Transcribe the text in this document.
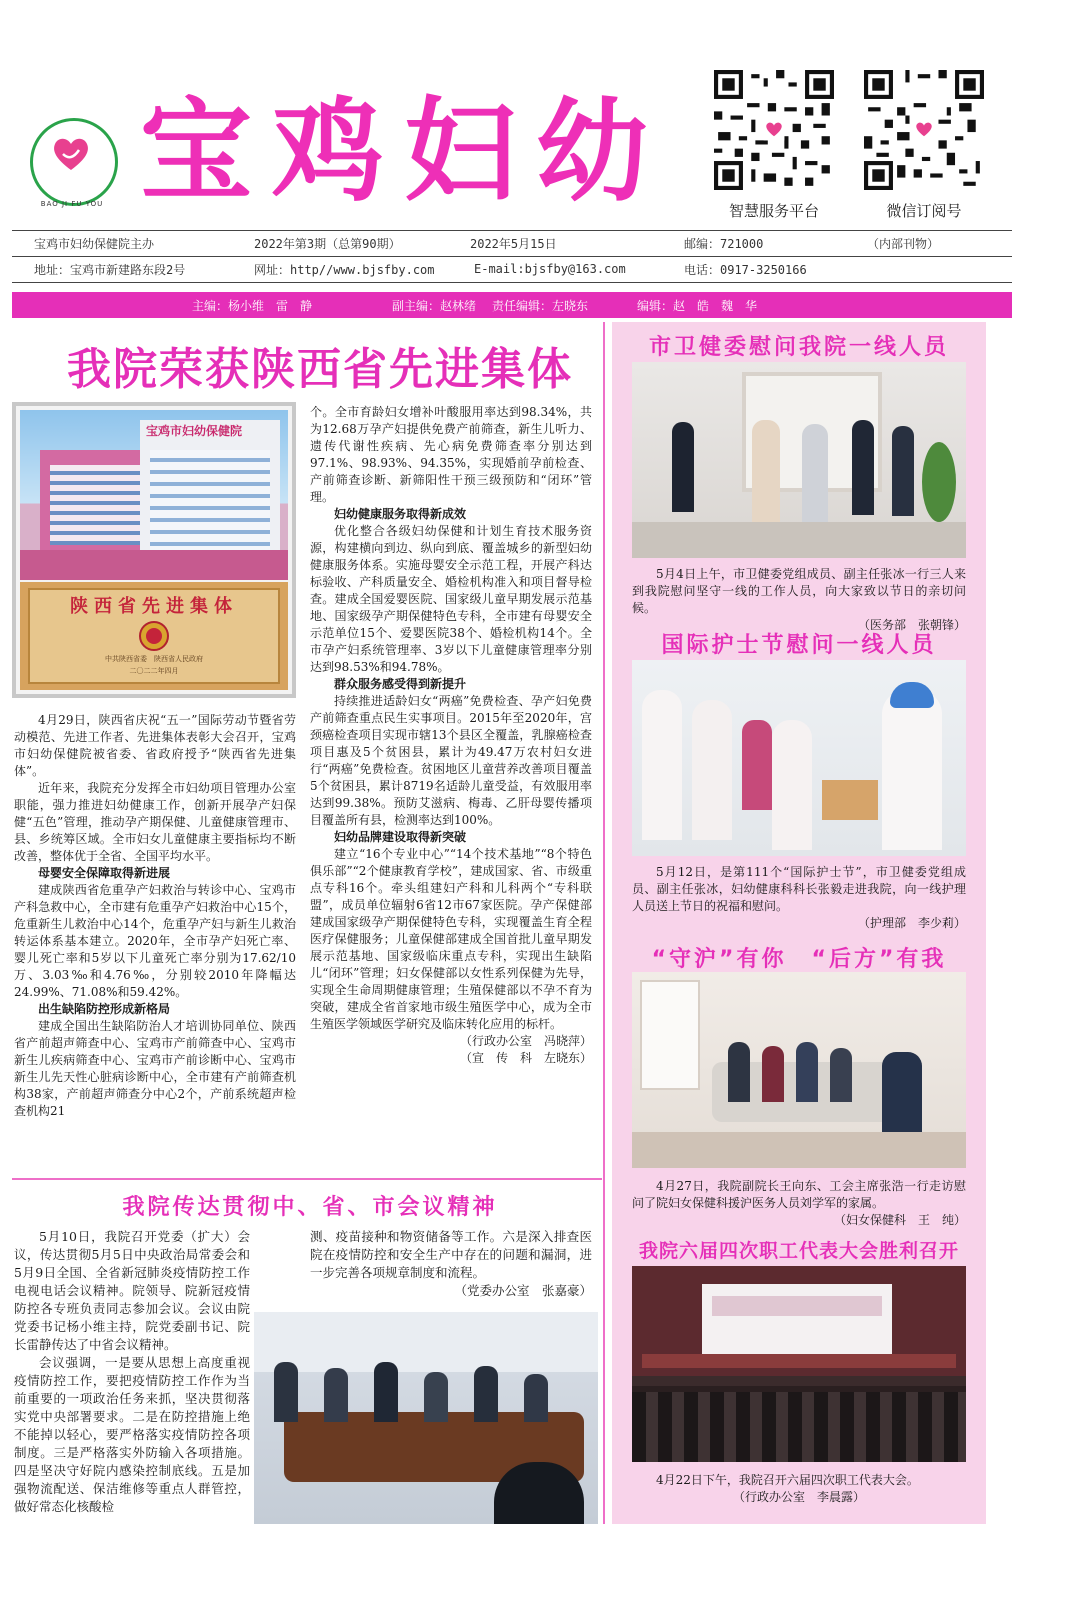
BAO JI FU YOU 宝鸡妇幼	智慧服务平台	微信订阅号
宝鸡市妇幼保健院主办	2022年第3期（总第90期）	2022年5月15日	邮编：721000	（内部刊物）
地址：宝鸡市新建路东段2号	网址：http//www.bjsfby.com	E-mail:bjsfby@163.com	电话：0917-3250166
主编：杨小维　雷　静	副主编：赵林绪 责任编辑：左晓东	编辑：赵　皓　魏　华
我院荣获陕西省先进集体
宝鸡市妇幼保健院
陕西省先进集体
中共陕西省委　陕西省人民政府
二〇二二年四月

4月29日，陕西省庆祝“五一”国际劳动节暨省劳动模范、先进工作者、先进集体表彰大会召开，宝鸡市妇幼保健院被省委、省政府授予“陕西省先进集体”。

近年来，我院充分发挥全市妇幼项目管理办公室职能，强力推进妇幼健康工作，创新开展孕产妇保健“五色”管理，推动孕产期保健、儿童健康管理市、县、乡统筹区域。全市妇女儿童健康主要指标均不断改善，整体优于全省、全国平均水平。

母婴安全保障取得新进展

建成陕西省危重孕产妇救治与转诊中心、宝鸡市产科急救中心，全市建有危重孕产妇救治中心15个，危重新生儿救治中心14个，危重孕产妇与新生儿救治转运体系基本建立。2020年，全市孕产妇死亡率、婴儿死亡率和5岁以下儿童死亡率分别为17.62/10万、3.03‰和4.76‰，分别较2010年降幅达24.99%、71.08%和59.42%。

出生缺陷防控形成新格局

建成全国出生缺陷防治人才培训协同单位、陕西省产前超声筛查中心、宝鸡市产前筛查中心、宝鸡市新生儿疾病筛查中心、宝鸡市产前诊断中心、宝鸡市新生儿先天性心脏病诊断中心，全市建有产前筛查机构38家，产前超声筛查分中心2个，产前系统超声检查机构21

个。全市育龄妇女增补叶酸服用率达到98.34%，共为12.68万孕产妇提供免费产前筛查，新生儿听力、遗传代谢性疾病、先心病免费筛查率分别达到97.1%、98.93%、94.35%，实现婚前孕前检查、产前筛查诊断、新筛阳性干预三级预防和“闭环”管理。

妇幼健康服务取得新成效

优化整合各级妇幼保健和计划生育技术服务资源，构建横向到边、纵向到底、覆盖城乡的新型妇幼健康服务体系。实施母婴安全示范工程，开展产科达标验收、产科质量安全、婚检机构准入和项目督导检查。建成全国爱婴医院、国家级儿童早期发展示范基地、国家级孕产期保健特色专科，全市建有母婴安全示范单位15个、爱婴医院38个、婚检机构14个。全市孕产妇系统管理率、3岁以下儿童健康管理率分别达到98.53%和94.78%。

群众服务感受得到新提升

持续推进适龄妇女“两癌”免费检查、孕产妇免费产前筛查重点民生实事项目。2015年至2020年，宫颈癌检查项目实现市辖13个县区全覆盖，乳腺癌检查项目惠及5个贫困县，累计为49.47万农村妇女进行“两癌”免费检查。贫困地区儿童营养改善项目覆盖5个贫困县，累计8719名适龄儿童受益，有效服用率达到99.38%。预防艾滋病、梅毒、乙肝母婴传播项目覆盖所有县，检测率达到100%。

妇幼品牌建设取得新突破

建立“16个专业中心”“14个技术基地”“8个特色俱乐部”“2个健康教育学校”，建成国家、省、市级重点专科16个。牵头组建妇产科和儿科两个“专科联盟”，成员单位辐射6省12市67家医院。孕产保健部建成国家级孕产期保健特色专科，实现覆盖生育全程医疗保健服务；儿童保健部建成全国首批儿童早期发展示范基地、国家级临床重点专科，实现出生缺陷儿“闭环”管理；妇女保健部以女性系列保健为先导，实现全生命周期健康管理；生殖保健部以不孕不育为突破，建成全省首家地市级生殖医学中心，成为全市生殖医学领域医学研究及临床转化应用的标杆。

（行政办公室　冯晓萍）

（宣　传　科　左晓东）

我院传达贯彻中、省、市会议精神

5月10日，我院召开党委（扩大）会议，传达贯彻5月5日中央政治局常委会和5月9日全国、全省新冠肺炎疫情防控工作电视电话会议精神。院领导、院新冠疫情防控各专班负责同志参加会议。会议由院党委书记杨小维主持，院党委副书记、院长雷静传达了中省会议精神。

会议强调，一是要从思想上高度重视疫情防控工作，要把疫情防控工作作为当前重要的一项政治任务来抓，坚决贯彻落实党中央部署要求。二是在防控措施上绝不能掉以轻心，要严格落实疫情防控各项制度。三是严格落实外防输入各项措施。四是坚决守好院内感染控制底线。五是加强物流配送、保洁维修等重点人群管控，做好常态化核酸检

测、疫苗接种和物资储备等工作。六是深入排查医院在疫情防控和安全生产中存在的问题和漏洞，进一步完善各项规章制度和流程。

（党委办公室　张嘉豪）

市卫健委慰问我院一线人员

5月4日上午，市卫健委党组成员、副主任张冰一行三人来到我院慰问坚守一线的工作人员，向大家致以节日的亲切问候。

（医务部　张朝锋）

国际护士节慰问一线人员

5月12日，是第111个“国际护士节”，市卫健委党组成员、副主任张冰，妇幼健康科科长张毅走进我院，向一线护理人员送上节日的祝福和慰问。

（护理部　李少莉）

“守沪”有你　“后方”有我

4月27日，我院副院长王向东、工会主席张浩一行走访慰问了院妇女保健科援沪医务人员刘学军的家属。

（妇女保健科　王　纯）

我院六届四次职工代表大会胜利召开

4月22日下午，我院召开六届四次职工代表大会。

（行政办公室　李晨露）
